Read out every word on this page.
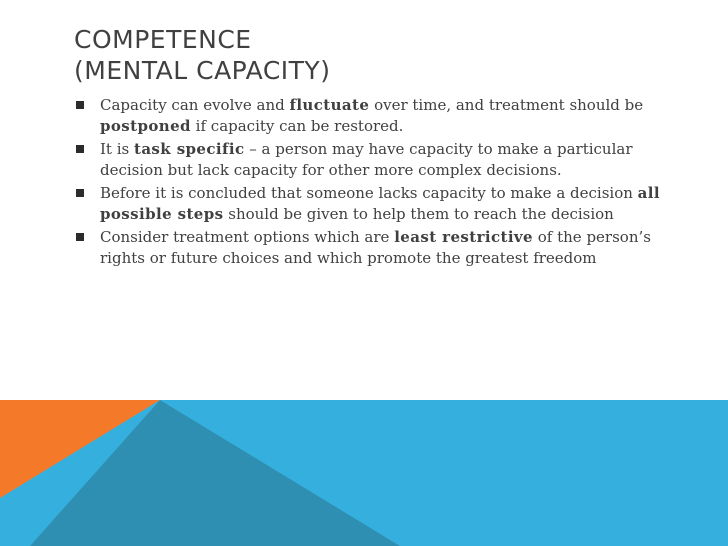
COMPETENCE
(MENTAL CAPACITY)
Capacity can evolve and fluctuate over time, and treatment should be postponed if capacity can be restored.
It is task specific – a person may have capacity to make a particular decision but lack capacity for other more complex decisions.
Before it is concluded that someone lacks capacity to make a decision all possible steps should be given to help them to reach the decision
Consider treatment options which are least restrictive of the person’s rights or future choices and which promote the greatest freedom
